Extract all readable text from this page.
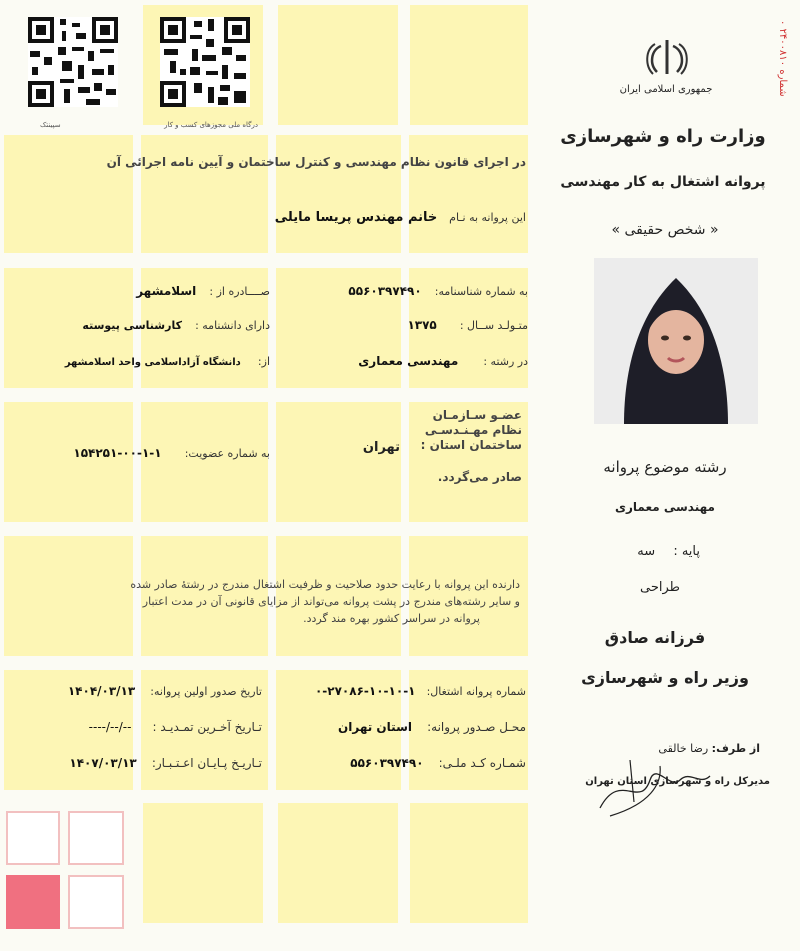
سپینتک	درگاه ملی مجوزهای کسب و کار
شماره ۲۴۰۰۸۱۰ ۰
جمهوری اسلامی ایران
وزارت راه و شهرسازی
پروانه اشتغال به کار مهندسی
« شخص حقیقی »
رشته موضوع پروانه
مهندسی معماری
پایه : سه
طراحی
فرزانه صادق
وزیر راه و شهرسازی
از طرف: رضا خالقی
مدیرکل راه و شهرسازی استان تهران
در اجرای قانون نظام مهندسی و کنترل ساختمان و آیین نامه اجرائی آن
این پروانه به نـام خانم مهندس پریسا مایلی
به شماره شناسنامه: ۵۵۶۰۳۹۷۴۹۰
صــــادره از : اسلامشهر
متـولـد ســال : ۱۳۷۵
دارای دانشنامه : کارشناسی پیوسته
در رشته : مهندسی معماری
از: دانشگاه آزاداسلامی واحد اسلامشهر
عضـو سـازمـان نظام مهـنـدسـی ساختمان استان :
تهران
صادر می‌گردد.
به شماره عضویت: ۱-۱-۰۰-۱۵۴۲۵۱
دارنده این پروانه با رعایت حدود صلاحیت و ظرفیت اشتغال مندرج در رشتهٔ صادر شده
و سایر رشته‌های مندرج در پشت پروانه می‌تواند از مزایای قانونی آن در مدت اعتبار
پروانه در سراسر کشور بهره مند گردد.
شماره پروانه اشتغال: ۱-۱۰-۱۰-۲۷۰۸۶-۰
محـل صـدور پروانه: استان تهران
شمـاره کـد ملـی: ۵۵۶۰۳۹۷۴۹۰
تاریخ صدور اولین پروانه: ۱۴۰۴/۰۳/۱۳
تـاریخ آخـرین تمـدیـد : --/--/----
تـاریـخ پـایـان اعـتـبـار: ۱۴۰۷/۰۳/۱۳
